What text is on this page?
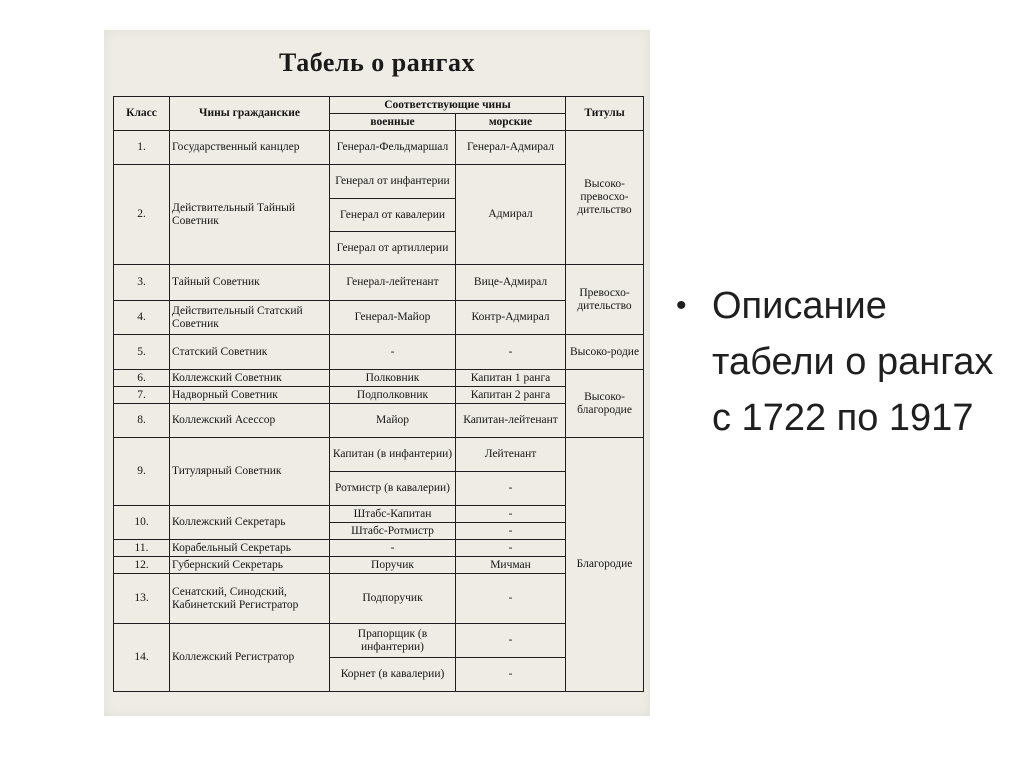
Табель о рангах
Класс	Чины гражданские	Соответствующие чины		Титулы
		военные	морские	
1.	Государственный канцлер	Генерал-Фельдмаршал	Генерал-Адмирал	Высоко-превосхо-дительство
2.	Действительный Тайный Советник	Генерал от инфантерии	Адмирал	
		Генерал от кавалерии		
		Генерал от артиллерии		
3.	Тайный Советник	Генерал-лейтенант	Вице-Адмирал	Превосхо-дительство
4.	Действительный Статский Советник	Генерал-Майор	Контр-Адмирал	
5.	Статский Советник	-	-	Высоко-родие
6.	Коллежский Советник	Полковник	Капитан 1 ранга	Высоко-благородие
7.	Надворный Советник	Подполковник	Капитан 2 ранга	
8.	Коллежский Асессор	Майор	Капитан-лейтенант	
9.	Титулярный Советник	Капитан (в инфантерии)	Лейтенант	Благородие
		Ротмистр (в кавалерии)	-	
10.	Коллежский Секретарь	Штабс-Капитан	-	
		Штабс-Ротмистр	-	
11.	Корабельный Секретарь	-	-	
12.	Губернский Секретарь	Поручик	Мичман	
13.	Сенатский, Синодский, Кабинетский Регистратор	Подпоручик	-	
14.	Коллежский Регистратор	Прапорщик (в инфантерии)	-	
		Корнет (в кавалерии)	-	
• Описание табели о рангах с 1722 по 1917
